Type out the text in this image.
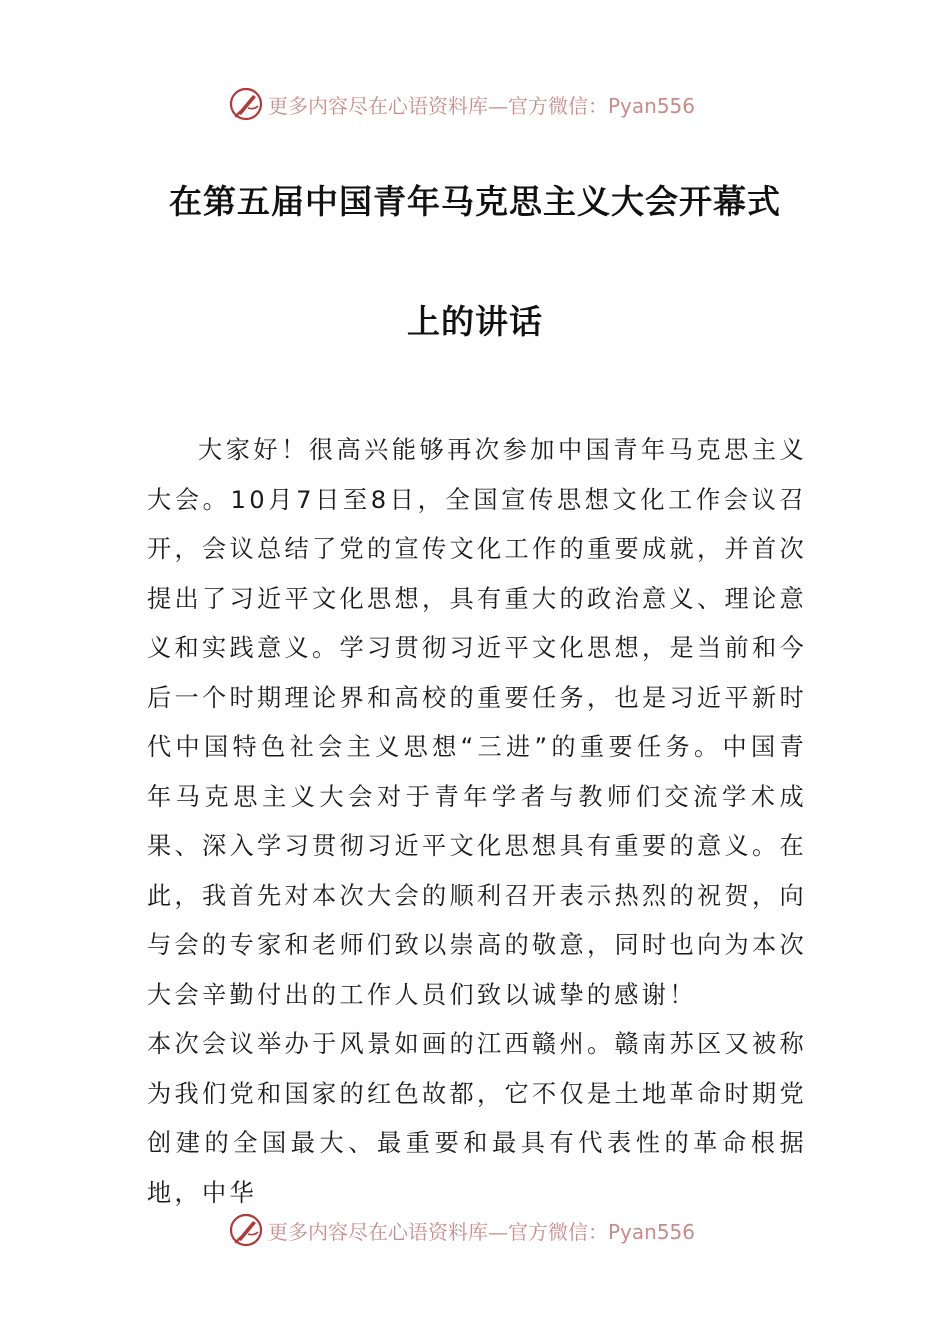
更多内容尽在心语资料库—官方微信：Pyan556
在第五届中国青年马克思主义大会开幕式
上的讲话

大家好！很高兴能够再次参加中国青年马克思主义大会。10月7日至8日，全国宣传思想文化工作会议召开，会议总结了党的宣传文化工作的重要成就，并首次提出了习近平文化思想，具有重大的政治意义、理论意义和实践意义。学习贯彻习近平文化思想，是当前和今后一个时期理论界和高校的重要任务，也是习近平新时代中国特色社会主义思想“三进”的重要任务。中国青年马克思主义大会对于青年学者与教师们交流学术成果、深入学习贯彻习近平文化思想具有重要的意义。在此，我首先对本次大会的顺利召开表示热烈的祝贺，向与会的专家和老师们致以崇高的敬意，同时也向为本次大会辛勤付出的工作人员们致以诚挚的感谢！

本次会议举办于风景如画的江西赣州。赣南苏区又被称为我们党和国家的红色故都，它不仅是土地革命时期党创建的全国最大、最重要和最具有代表性的革命根据地，中华

更多内容尽在心语资料库—官方微信：Pyan556
